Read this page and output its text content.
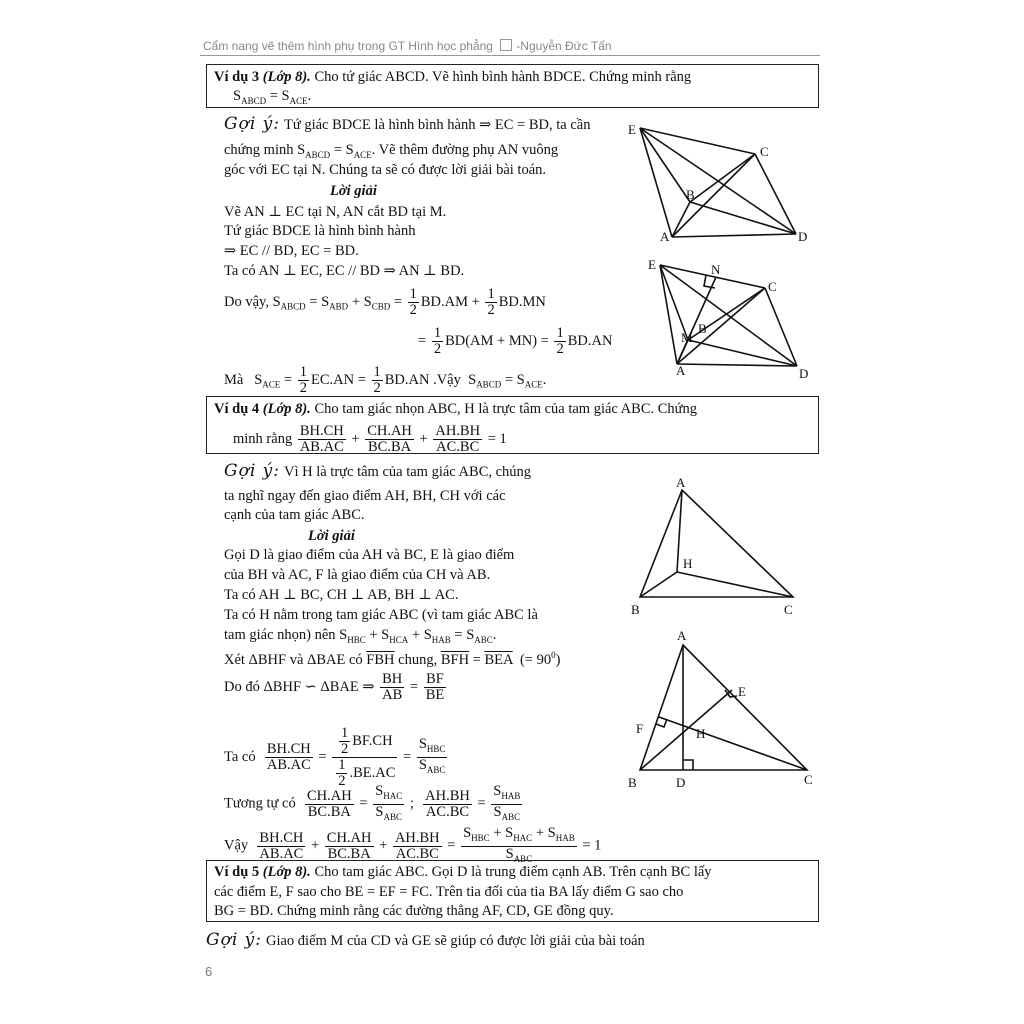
Cẩm nang vẽ thêm hình phụ trong GT Hình học phẳng -Nguyễn Đức Tấn
Ví dụ 3 (Lớp 8). Cho tứ giác ABCD. Vẽ hình bình hành BDCE. Chứng minh rằng
$S_{ABCD} = S_{ACE}$.
Gợi ý: Tứ giác BDCE là hình bình hành ⇒ EC = BD, ta cần
chứng minh $S_{ABCD} = S_{ACE}$. Vẽ thêm đường phụ AN vuông
góc với EC tại N. Chúng ta sẽ có được lời giải bài toán.
Lời giải
Vẽ AN ⊥ EC tại N, AN cắt BD tại M.
Tứ giác BDCE là hình bình hành
⇒ EC // BD, EC = BD.
Ta có AN ⊥ EC, EC // BD ⇒ AN ⊥ BD.
Do vậy, $S_{ABCD} = S_{ABD} + S_{CBD} = \frac{1}{2} BD.AM + \frac{1}{2} BD.MN$
= $\frac{1}{2} BD(AM + MN) = \frac{1}{2} BD.AN$
Mà   $S_{ACE} = \frac{1}{2} EC.AN = \frac{1}{2} BD.AN$ .Vậy  $S_{ABCD} = S_{ACE}$.
E
C
B
A	D
E	N
C
B
M
A	D
Ví dụ 4 (Lớp 8). Cho tam giác nhọn ABC, H là trực tâm của tam giác ABC. Chứng
minh rằng $\frac{BH.CH}{AB.AC} + \frac{CH.AH}{BC.BA} + \frac{AH.BH}{AC.BC} = 1$
Gợi ý: Vì H là trực tâm của tam giác ABC, chúng
ta nghĩ ngay đến giao điểm AH, BH, CH với các
cạnh của tam giác ABC.
Lời giải
Gọi D là giao điểm của AH và BC, E là giao điểm
của BH và AC, F là giao điểm của CH và AB.
Ta có AH ⊥ BC, CH ⊥ AB, BH ⊥ AC.
Ta có H nằm trong tam giác ABC (vì tam giác ABC là
tam giác nhọn) nên $S_{HBC} + S_{HCA} + S_{HAB} = S_{ABC}$.
Xét ΔBHF và ΔBAE có $\overline{FBH}$ chung, $\overline{BFH} = \overline{BEA}$  (= $90^0$)
Do đó ΔBHF ∽ ΔBAE ⇒ $\frac{BH}{AB} = \frac{BF}{BE}$
Ta có $\frac{BH.CH}{AB.AC} = \frac{\frac{1}{2} BF.CH}{\frac{1}{2} .BE.AC} = \frac{S_{HBC}}{S_{ABC}}$
Tương tự có $\frac{CH.AH}{BC.BA} = \frac{S_{HAC}}{S_{ABC}}$ ; $\frac{AH.BH}{AC.BC} = \frac{S_{HAB}}{S_{ABC}}$
Vậy $\frac{BH.CH}{AB.AC} + \frac{CH.AH}{BC.BA} + \frac{AH.BH}{AC.BC} = \frac{S_{HBC} + S_{HAC} + S_{HAB}}{S_{ABC}} = 1$
A
H
B	C
A
E
F	H
B	D	C
Ví dụ 5 (Lớp 8). Cho tam giác ABC. Gọi D là trung điểm cạnh AB. Trên cạnh BC lấy
các điểm E, F sao cho BE = EF = FC. Trên tia đối của tia BA lấy điểm G sao cho
BG = BD. Chứng minh rằng các đường thẳng AF, CD, GE đồng quy.
Gợi ý: Giao điểm M của CD và GE sẽ giúp có được lời giải của bài toán
6
